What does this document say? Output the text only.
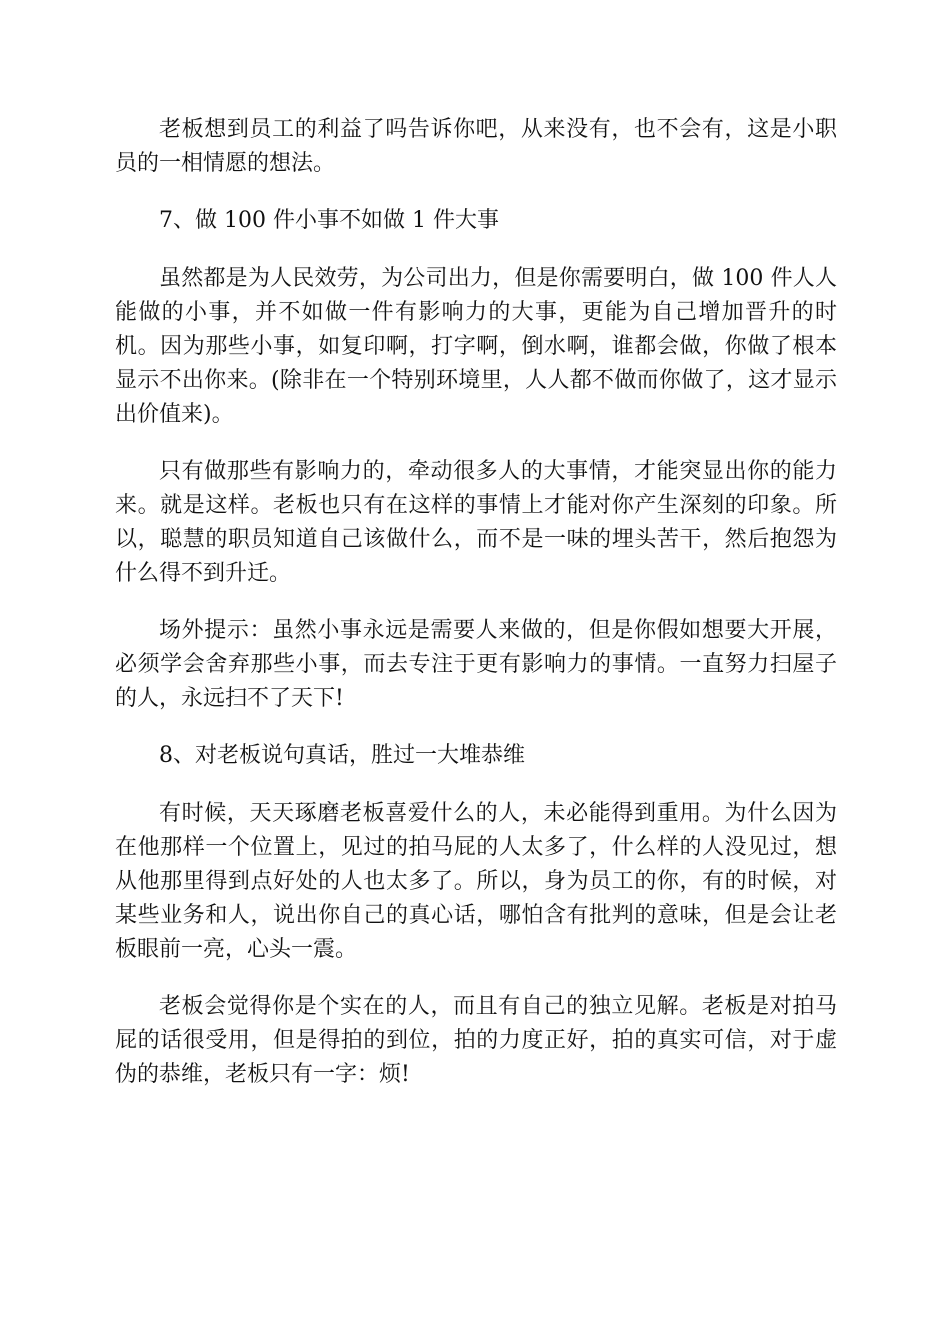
老板想到员工的利益了吗告诉你吧，从来没有，也不会有，这是小职员的一相情愿的想法。

7、做 100 件小事不如做 1 件大事

虽然都是为人民效劳，为公司出力，但是你需要明白，做 100 件人人能做的小事，并不如做一件有影响力的大事，更能为自己增加晋升的时机。因为那些小事，如复印啊，打字啊，倒水啊，谁都会做，你做了根本显示不出你来。(除非在一个特别环境里，人人都不做而你做了，这才显示出价值来)。

只有做那些有影响力的，牵动很多人的大事情，才能突显出你的能力来。就是这样。老板也只有在这样的事情上才能对你产生深刻的印象。所以，聪慧的职员知道自己该做什么，而不是一味的埋头苦干，然后抱怨为什么得不到升迁。

场外提示：虽然小事永远是需要人来做的，但是你假如想要大开展，必须学会舍弃那些小事，而去专注于更有影响力的事情。一直努力扫屋子的人，永远扫不了天下!

8、对老板说句真话，胜过一大堆恭维

有时候，天天琢磨老板喜爱什么的人，未必能得到重用。为什么因为在他那样一个位置上，见过的拍马屁的人太多了，什么样的人没见过，想从他那里得到点好处的人也太多了。所以，身为员工的你，有的时候，对某些业务和人，说出你自己的真心话，哪怕含有批判的意味，但是会让老板眼前一亮，心头一震。

老板会觉得你是个实在的人，而且有自己的独立见解。老板是对拍马屁的话很受用，但是得拍的到位，拍的力度正好，拍的真实可信，对于虚伪的恭维，老板只有一字：烦!
